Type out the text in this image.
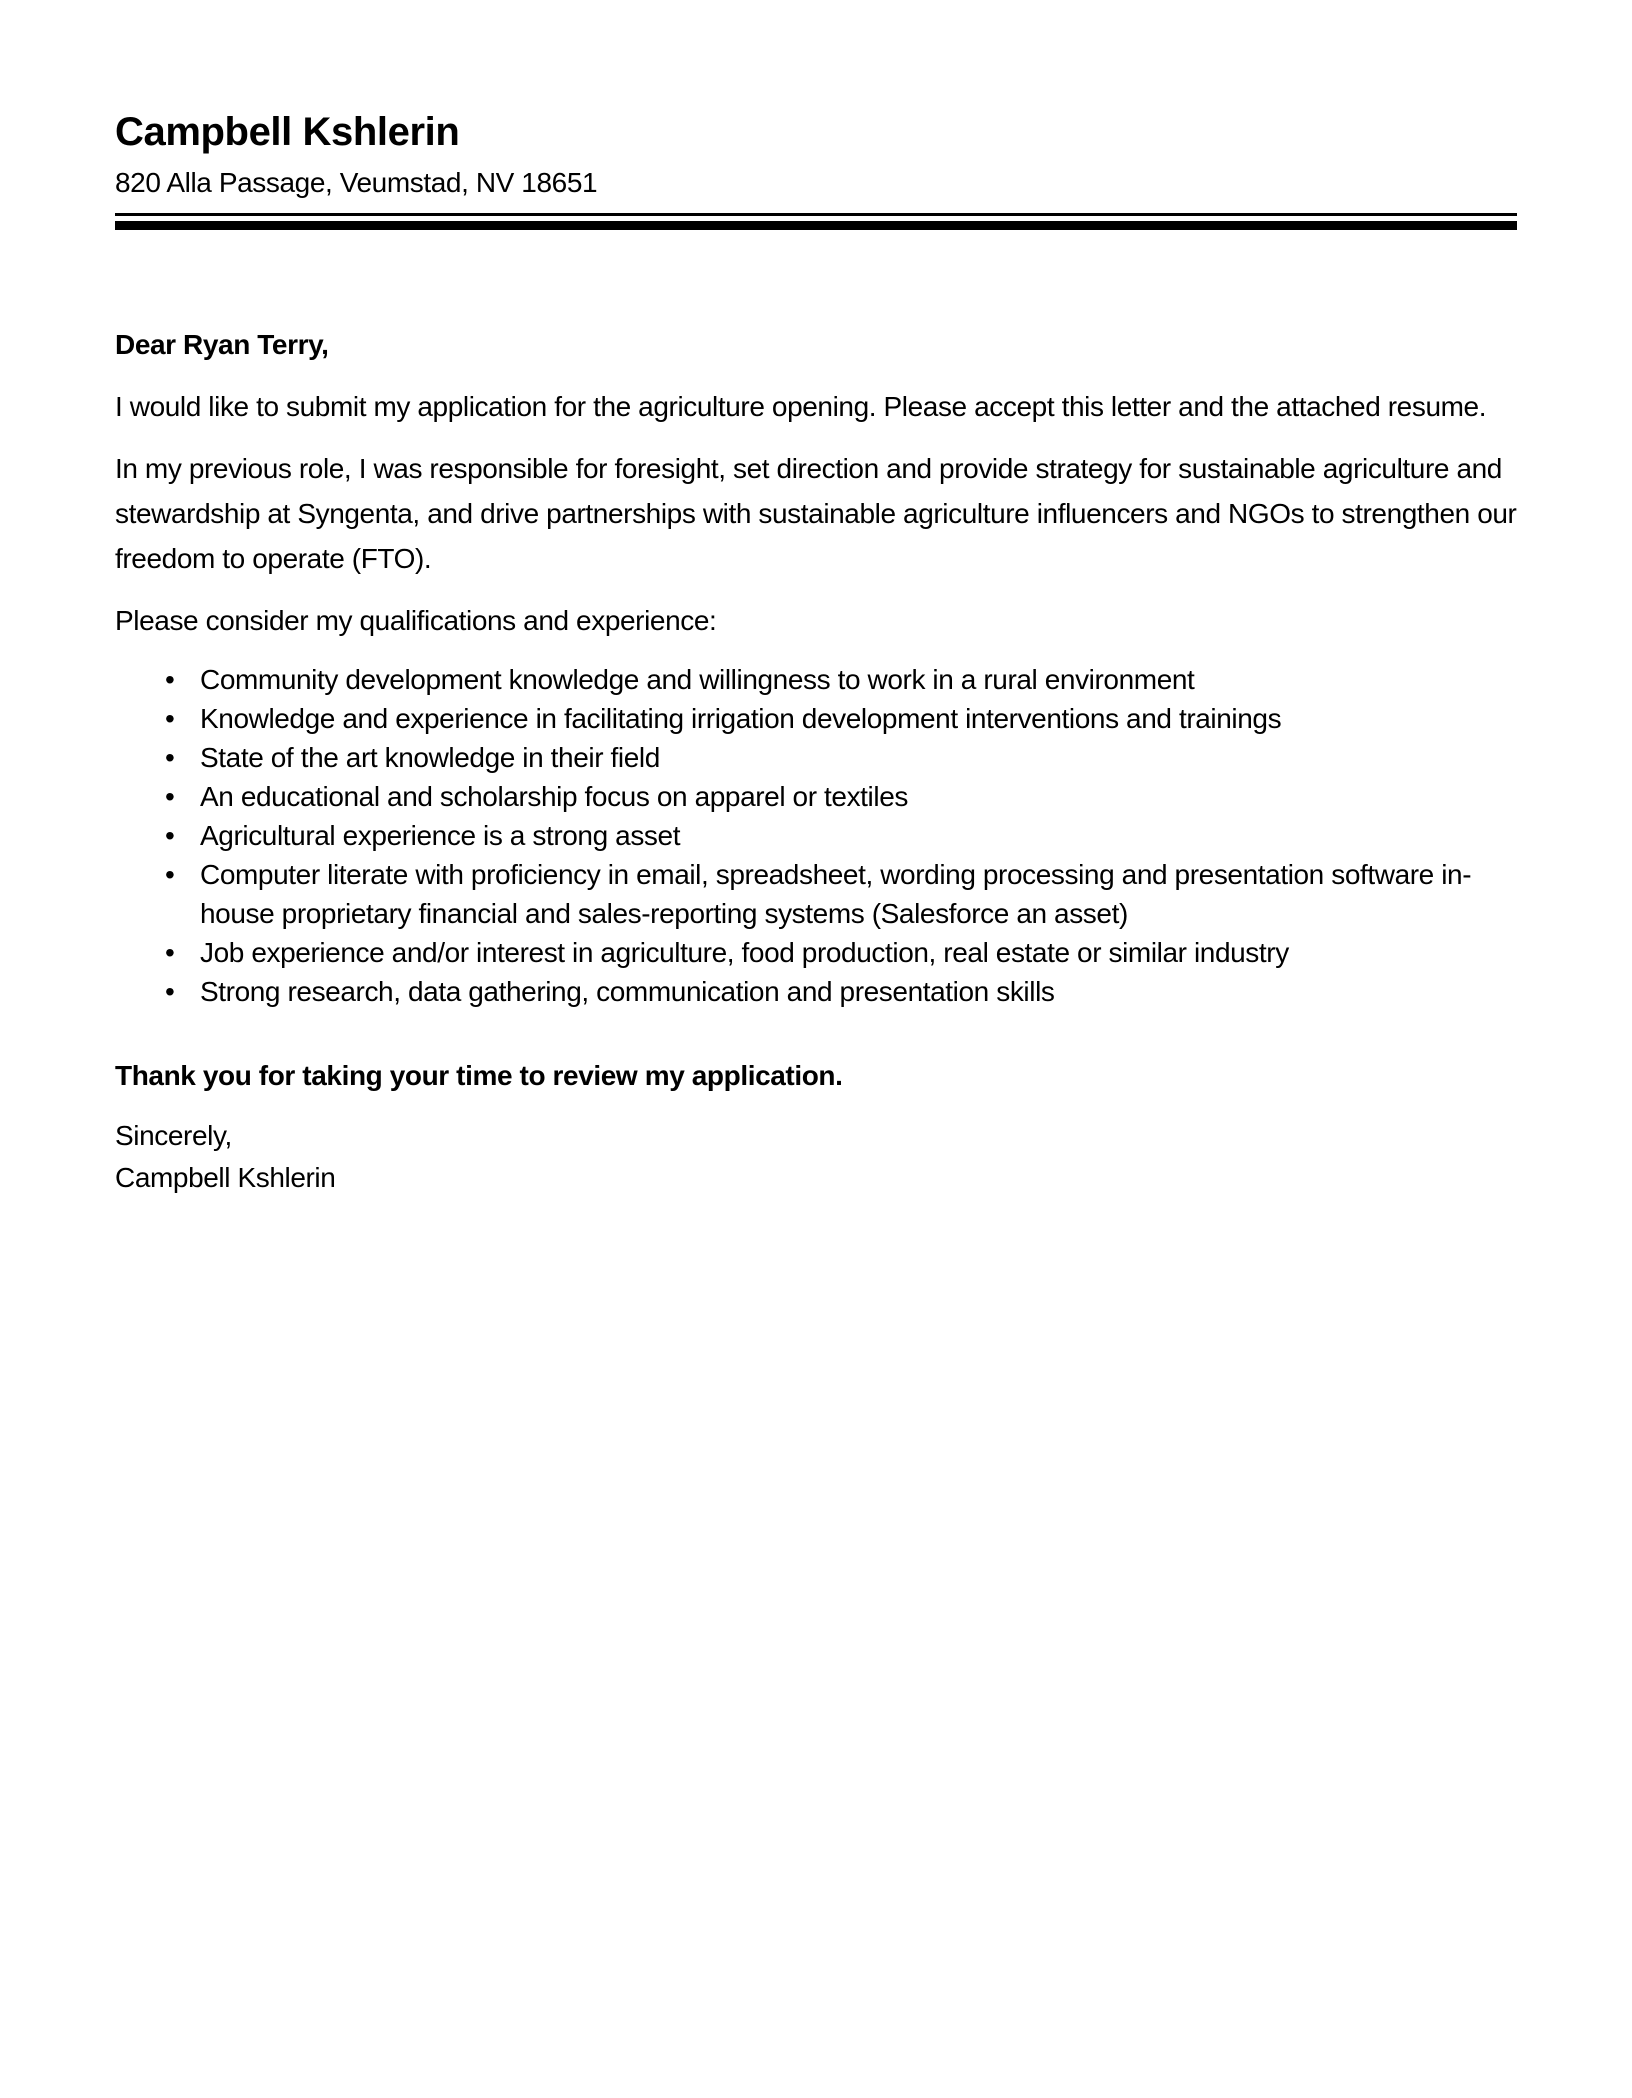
Campbell Kshlerin

820 Alla Passage, Veumstad, NV 18651

Dear Ryan Terry,

I would like to submit my application for the agriculture opening. Please accept this letter and the attached resume.

In my previous role, I was responsible for foresight, set direction and provide strategy for sustainable agriculture and stewardship at Syngenta, and drive partnerships with sustainable agriculture influencers and NGOs to strengthen our freedom to operate (FTO).

Please consider my qualifications and experience:

• Community development knowledge and willingness to work in a rural environment
• Knowledge and experience in facilitating irrigation development interventions and trainings
• State of the art knowledge in their field
• An educational and scholarship focus on apparel or textiles
• Agricultural experience is a strong asset
• Computer literate with proficiency in email, spreadsheet, wording processing and presentation software in-house proprietary financial and sales-reporting systems (Salesforce an asset)
• Job experience and/or interest in agriculture, food production, real estate or similar industry
• Strong research, data gathering, communication and presentation skills

Thank you for taking your time to review my application.

Sincerely,

Campbell Kshlerin
